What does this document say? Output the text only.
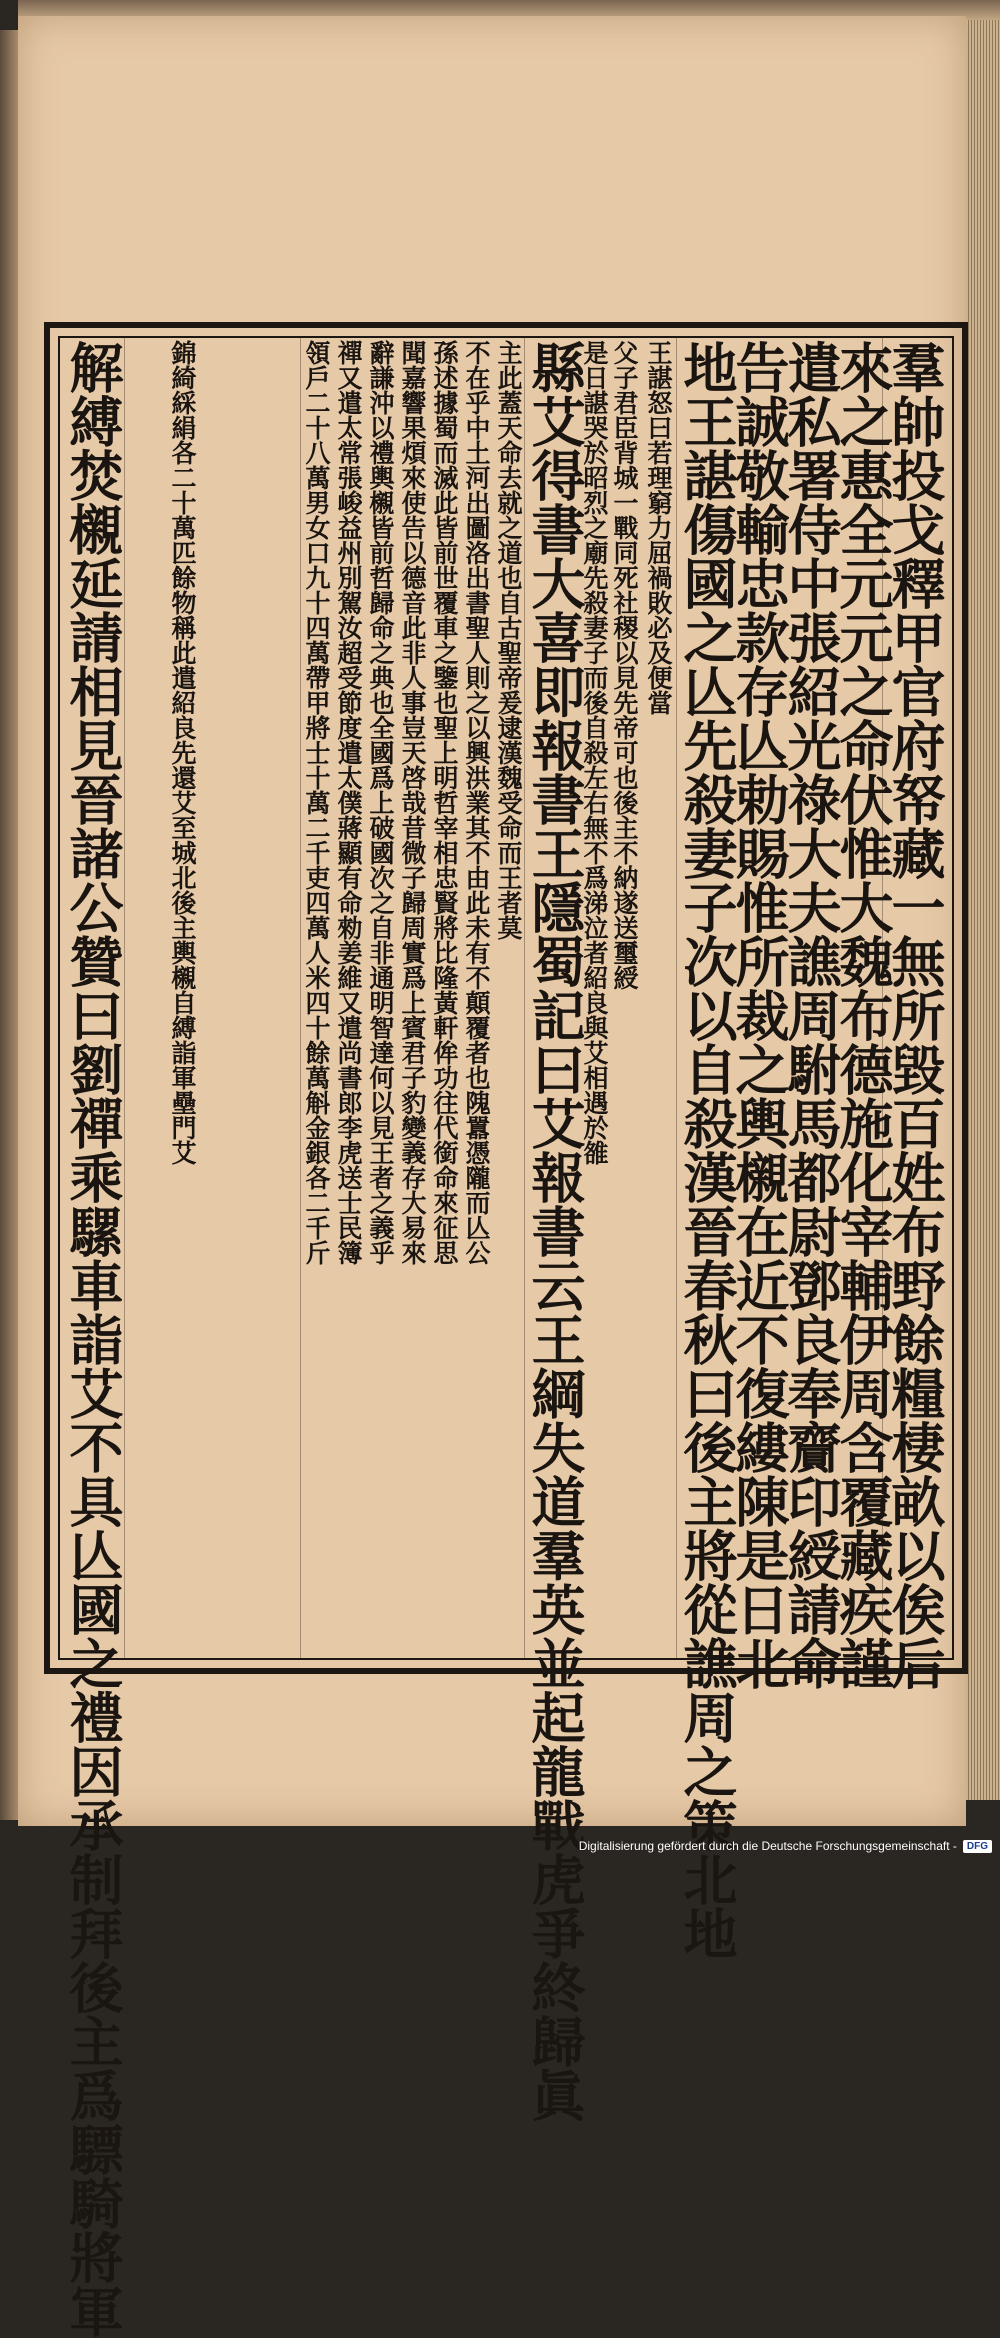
羣帥投戈釋甲官府帑藏一無所毀百姓布野餘糧棲畝以俟后
來之惠全元元之命伏惟大魏布德施化宰輔伊周含覆藏疾謹
遣私署侍中張紹光祿大夫譙周駙馬都尉鄧良奉齎印綬請命
告誠敬輸忠款存亾勅賜惟所裁之輿櫬在近不復縷陳是日北
地王諶傷國之亾先殺妻子次以自殺漢晉春秋曰後主將從譙周之策北地
王諶怒曰若理窮力屈禍敗必及便當
父子君臣背城一戰同死社稷以見先帝可也後主不納遂送璽綬
是日諶哭於昭烈之廟先殺妻子而後自殺左右無不爲涕泣者紹良與艾相遇於雒
縣艾得書大喜即報書王隱蜀記曰艾報書云王綱失道羣英並起龍戰虎爭終歸眞
主此蓋天命去就之道也自古聖帝爰逮漢魏受命而王者莫
不在乎中土河出圖洛出書聖人則之以興洪業其不由此未有不顛覆者也隗囂憑隴而亾公
孫述據蜀而滅此皆前世覆車之鑒也聖上明哲宰相忠賢將比隆黃軒侔功往代銜命來征思
聞嘉響果煩來使告以德音此非人事豈天啓哉昔微子歸周實爲上賓君子豹變義存大易來
辭謙沖以禮輿櫬皆前哲歸命之典也全國爲上破國次之自非通明智達何以見王者之義乎
禪又遣太常張峻益州別駕汝超受節度遣太僕蔣顯有命勑姜維又遣尚書郎李虎送士民簿
領戶二十八萬男女口九十四萬帶甲將士十萬二千吏四萬人米四十餘萬斛金銀各二千斤
錦綺綵絹各二十萬匹餘物稱此遣紹良先還艾至城北後主輿櫬自縛詣軍壘門艾
解縛焚櫬延請相見晉諸公贊曰劉禪乘騾車詣艾不具亾國之禮因承制拜後主爲驃騎將軍	Digitalisierung gefördert durch die Deutsche Forschungsgemeinschaft -	DFG
